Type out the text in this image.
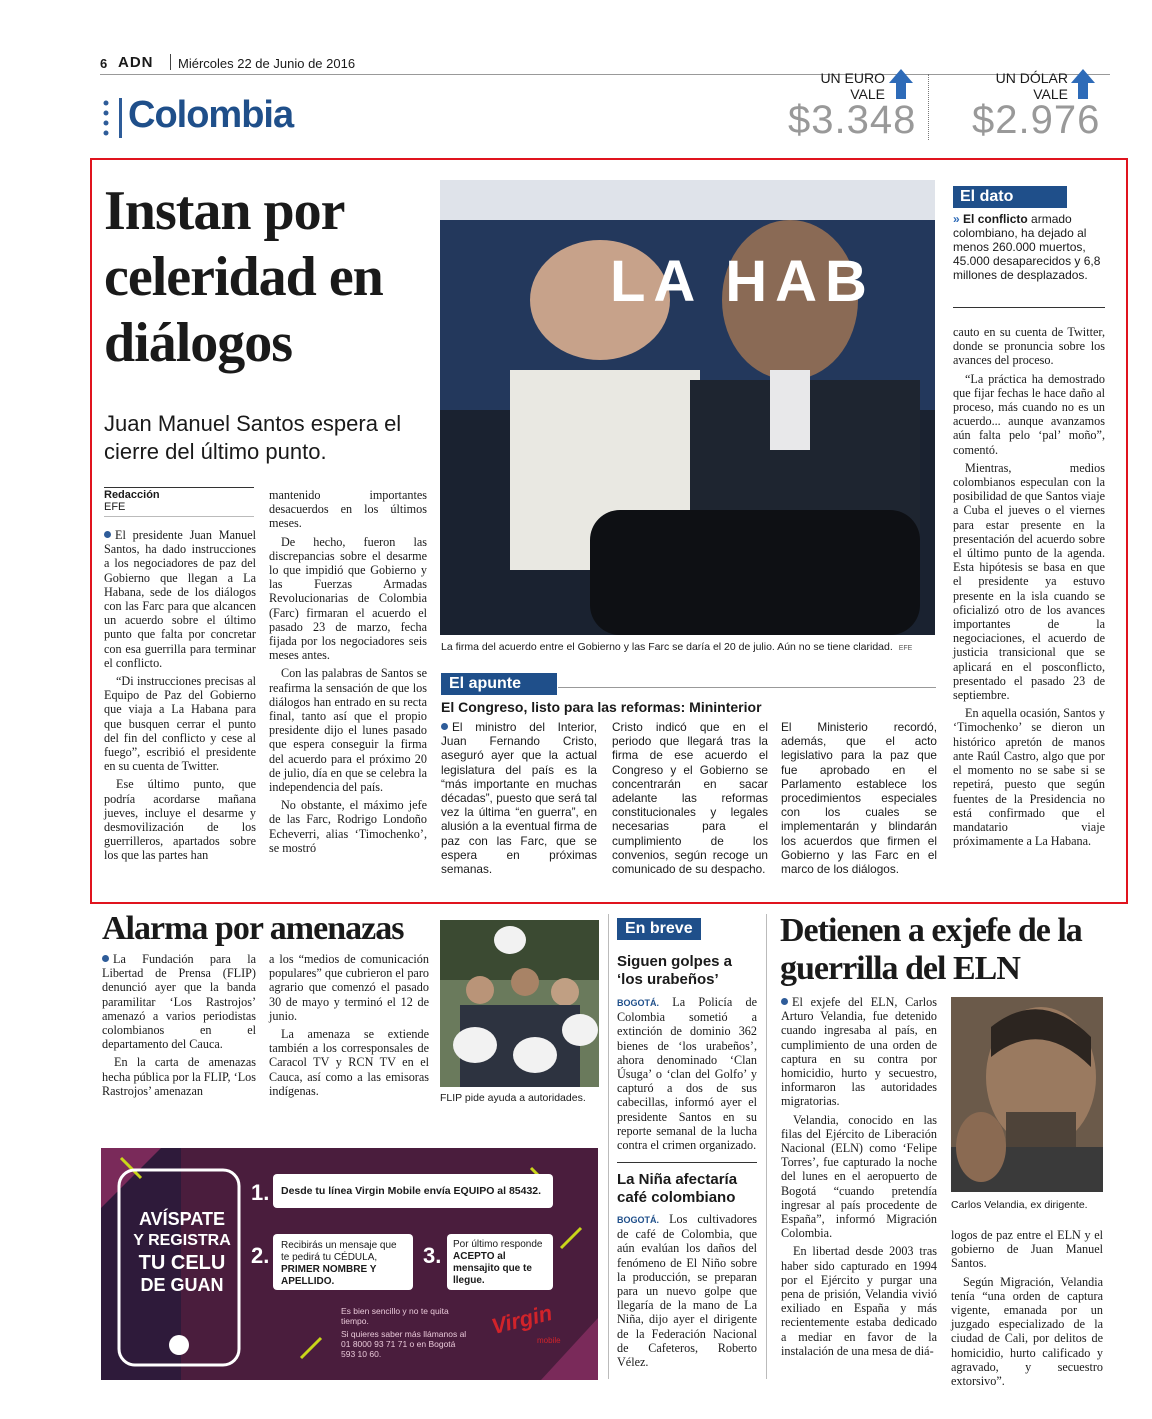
6 ADN Miércoles 22 de Junio de 2016
Colombia
UN EURO
VALE
$3.348
UN DÓLAR
VALE
$2.976
Instan por celeridad en diálogos
Juan Manuel Santos espera el cierre del último punto.
Redacción
EFE

El presidente Juan Manuel Santos, ha dado instrucciones a los negociadores de paz del Gobierno que llegan a La Habana, sede de los diálogos con las Farc para que alcancen un acuerdo sobre el último punto que falta por concretar con esa guerrilla para terminar el conflicto.

“Di instrucciones precisas al Equipo de Paz del Gobierno que viaja a La Habana para que busquen cerrar el punto del fin del conflicto y cese al fuego”, escribió el presidente en su cuenta de Twitter.

Ese último punto, que podría acordarse mañana jueves, incluye el desarme y desmovilización de los guerrilleros, apartados sobre los que las partes han

mantenido importantes desacuerdos en los últimos meses.

De hecho, fueron las discrepancias sobre el desarme lo que impidió que Gobierno y las Fuerzas Armadas Revolucionarias de Colombia (Farc) firmaran el acuerdo el pasado 23 de marzo, fecha fijada por los negociadores seis meses antes.

Con las palabras de Santos se reafirma la sensación de que los diálogos han entrado en su recta final, tanto así que el propio presidente dijo el lunes pasado que espera conseguir la firma del acuerdo para el próximo 20 de julio, día en que se celebra la independencia del país.

No obstante, el máximo jefe de las Farc, Rodrigo Londoño Echeverri, alias ‘Timochenko’, se mostró

LA HAB
La firma del acuerdo entre el Gobierno y las Farc se daría el 20 de julio. Aún no se tiene claridad. EFE
El dato
» El conflicto armado colombiano, ha dejado al menos 260.000 muertos, 45.000 desaparecidos y 6,8 millones de desplazados.

cauto en su cuenta de Twitter, donde se pronuncia sobre los avances del proceso.

“La práctica ha demostrado que fijar fechas le hace daño al proceso, más cuando no es un acuerdo... aunque avanzamos aún falta pelo ‘pal’ moño”, comentó.

Mientras, medios colombianos especulan con la posibilidad de que Santos viaje a Cuba el jueves o el viernes para estar presente en la presentación del acuerdo sobre el último punto de la agenda. Esta hipótesis se basa en que el presidente ya estuvo presente en la isla cuando se oficializó otro de los avances importantes de la negociaciones, el acuerdo de justicia transicional que se aplicará en el posconflicto, presentado el pasado 23 de septiembre.

En aquella ocasión, Santos y ‘Timochenko’ se dieron un histórico apretón de manos ante Raúl Castro, algo que por el momento no se sabe si se repetirá, puesto que según fuentes de la Presidencia no está confirmado que el mandatario viaje próximamente a La Habana.

El apunte
El Congreso, listo para las reformas: Mininterior

El ministro del Interior, Juan Fernando Cristo, aseguró ayer que la actual legislatura del país es la “más importante en muchas décadas”, puesto que será tal vez la última “en guerra”, en alusión a la eventual firma de paz con las Farc, que se espera en próximas semanas.

Cristo indicó que en el periodo que llegará tras la firma de ese acuerdo el Congreso y el Gobierno se concentrarán en sacar adelante las reformas constitucionales y legales necesarias para el cumplimiento de los convenios, según recoge un comunicado de su despacho.

El Ministerio recordó, además, que el acto legislativo para la paz que fue aprobado en el Parlamento establece los procedimientos especiales con los cuales se implementarán y blindarán los acuerdos que firmen el Gobierno y las Farc en el marco de los diálogos.

Alarma por amenazas

La Fundación para la Libertad de Prensa (FLIP) denunció ayer que la banda paramilitar ‘Los Rastrojos’ amenazó a varios periodistas colombianos en el departamento del Cauca.

En la carta de amenazas hecha pública por la FLIP, ‘Los Rastrojos’ amenazan

a los “medios de comunicación populares” que cubrieron el paro agrario que comenzó el pasado 30 de mayo y terminó el 12 de junio.

La amenaza se extiende también a los corresponsales de Caracol TV y RCN TV en el Cauca, así como a las emisoras indígenas.

FLIP pide ayuda a autoridades.
En breve
Siguen golpes a ‘los urabeños’

BOGOTÁ. La Policía de Colombia sometió a extinción de dominio 362 bienes de ‘los urabeños’, ahora denominado ‘Clan Úsuga’ o ‘clan del Golfo’ y capturó a dos de sus cabecillas, informó ayer el presidente Santos en su reporte semanal de la lucha contra el crimen organizado.

La Niña afectaría café colombiano

BOGOTÁ. Los cultivadores de café de Colombia, que aún evalúan los daños del fenómeno de El Niño sobre la producción, se preparan para un nuevo golpe que llegaría de la mano de La Niña, dijo ayer el dirigente de la Federación Nacional de Cafeteros, Roberto Vélez.

Detienen a exjefe de la guerrilla del ELN

El exjefe del ELN, Carlos Arturo Velandia, fue detenido cuando ingresaba al país, en cumplimiento de una orden de captura en su contra por homicidio, hurto y secuestro, informaron las autoridades migratorias.

Velandia, conocido en las filas del Ejército de Liberación Nacional (ELN) como ‘Felipe Torres’, fue capturado la noche del lunes en el aeropuerto de Bogotá “cuando pretendía ingresar al país procedente de España”, informó Migración Colombia.

En libertad desde 2003 tras haber sido capturado en 1994 por el Ejército y purgar una pena de prisión, Velandia vivió exiliado en España y más recientemente estaba dedicado a mediar en favor de la instalación de una mesa de diá-

Carlos Velandia, ex dirigente.

logos de paz entre el ELN y el gobierno de Juan Manuel Santos.

Según Migración, Velandia tenía “una orden de captura vigente, emanada por un juzgado especializado de la ciudad de Cali, por delitos de homicidio, hurto calificado y agravado, y secuestro extorsivo”.

AVÍSPATE
Y REGISTRA
TU CELU
DE GUAN
1.	Desde tu línea Virgin Mobile envía EQUIPO al 85432.
2. Recibirás un mensaje que te pedirá tu CÉDULA,
PRIMER NOMBRE Y APELLIDO.
3. Por último responde
ACEPTO al mensajito que te llegue.
Es bien sencillo y no te quita tiempo.
Si quieres saber más llámanos al 01 8000 93 71 71 o en Bogotá 593 10 60.
Virgin
mobile
